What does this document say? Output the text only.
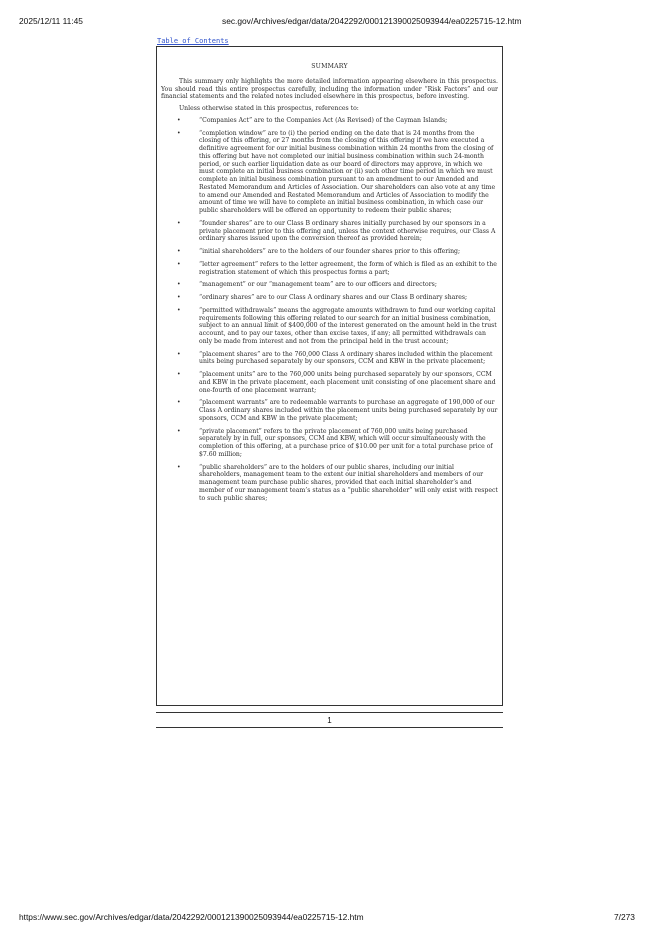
2025/12/11 11:45	sec.gov/Archives/edgar/data/2042292/000121390025093944/ea0225715-12.htm
Table of Contents
SUMMARY

This summary only highlights the more detailed information appearing elsewhere in this prospectus. You should read this entire prospectus carefully, including the information under “Risk Factors” and our financial statements and the related notes included elsewhere in this prospectus, before investing.

Unless otherwise stated in this prospectus, references to:

•	“Companies Act” are to the Companies Act (As Revised) of the Cayman Islands;
•	“completion window” are to (i) the period ending on the date that is 24 months from the closing of this offering, or 27 months from the closing of this offering if we have executed a definitive agreement for our initial business combination within 24 months from the closing of this offering but have not completed our initial business combination within such 24-month period, or such earlier liquidation date as our board of directors may approve, in which we must complete an initial business combination or (ii) such other time period in which we must complete an initial business combination pursuant to an amendment to our Amended and Restated Memorandum and Articles of Association. Our shareholders can also vote at any time to amend our Amended and Restated Memorandum and Articles of Association to modify the amount of time we will have to complete an initial business combination, in which case our public shareholders will be offered an opportunity to redeem their public shares;
•	“founder shares” are to our Class B ordinary shares initially purchased by our sponsors in a private placement prior to this offering and, unless the context otherwise requires, our Class A ordinary shares issued upon the conversion thereof as provided herein;
•	“initial shareholders” are to the holders of our founder shares prior to this offering;
•	“letter agreement” refers to the letter agreement, the form of which is filed as an exhibit to the registration statement of which this prospectus forms a part;
•	“management” or our “management team” are to our officers and directors;
•	“ordinary shares” are to our Class A ordinary shares and our Class B ordinary shares;
•	“permitted withdrawals” means the aggregate amounts withdrawn to fund our working capital requirements following this offering related to our search for an initial business combination, subject to an annual limit of $400,000 of the interest generated on the amount held in the trust account, and to pay our taxes, other than excise taxes, if any; all permitted withdrawals can only be made from interest and not from the principal held in the trust account;
•	“placement shares” are to the 760,000 Class A ordinary shares included within the placement units being purchased separately by our sponsors, CCM and KBW in the private placement;
•	“placement units” are to the 760,000 units being purchased separately by our sponsors, CCM and KBW in the private placement, each placement unit consisting of one placement share and one-fourth of one placement warrant;
•	“placement warrants” are to redeemable warrants to purchase an aggregate of 190,000 of our Class A ordinary shares included within the placement units being purchased separately by our sponsors, CCM and KBW in the private placement;
•	“private placement” refers to the private placement of 760,000 units being purchased separately by in full, our sponsors, CCM and KBW, which will occur simultaneously with the completion of this offering, at a purchase price of $10.00 per unit for a total purchase price of $7.60 million;
•	“public shareholders” are to the holders of our public shares, including our initial shareholders, management team to the extent our initial shareholders and members of our management team purchase public shares, provided that each initial shareholder’s and member of our management team’s status as a “public shareholder” will only exist with respect to such public shares;
1
https://www.sec.gov/Archives/edgar/data/2042292/000121390025093944/ea0225715-12.htm	7/273
